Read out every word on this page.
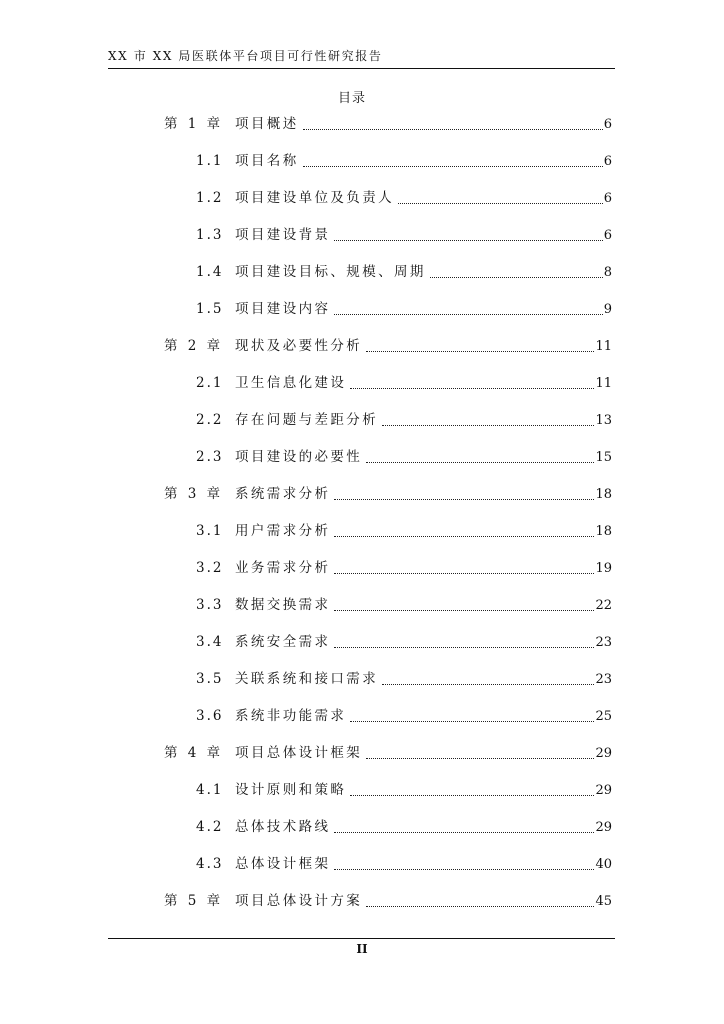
XX 市 XX 局医联体平台项目可行性研究报告
目录
第 1 章 项目概述	6
1.1 项目名称	6
1.2 项目建设单位及负责人	6
1.3 项目建设背景	6
1.4 项目建设目标、规模、周期	8
1.5 项目建设内容	9
第 2 章 现状及必要性分析	11
2.1 卫生信息化建设	11
2.2 存在问题与差距分析	13
2.3 项目建设的必要性	15
第 3 章 系统需求分析	18
3.1 用户需求分析	18
3.2 业务需求分析	19
3.3 数据交换需求	22
3.4 系统安全需求	23
3.5 关联系统和接口需求	23
3.6 系统非功能需求	25
第 4 章 项目总体设计框架	29
4.1 设计原则和策略	29
4.2 总体技术路线	29
4.3 总体设计框架	40
第 5 章 项目总体设计方案	45
II
